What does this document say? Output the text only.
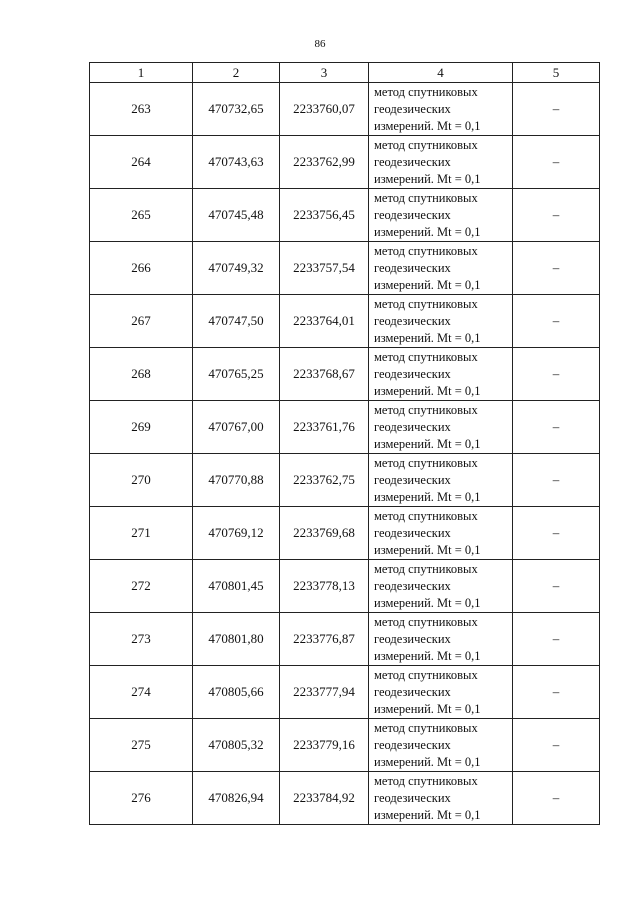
86
1	2	3	4	5
263	470732,65	2233760,07	метод спутниковых
геодезических
измерений. Mt = 0,1	–
264	470743,63	2233762,99	метод спутниковых
геодезических
измерений. Mt = 0,1	–
265	470745,48	2233756,45	метод спутниковых
геодезических
измерений. Mt = 0,1	–
266	470749,32	2233757,54	метод спутниковых
геодезических
измерений. Mt = 0,1	–
267	470747,50	2233764,01	метод спутниковых
геодезических
измерений. Mt = 0,1	–
268	470765,25	2233768,67	метод спутниковых
геодезических
измерений. Mt = 0,1	–
269	470767,00	2233761,76	метод спутниковых
геодезических
измерений. Mt = 0,1	–
270	470770,88	2233762,75	метод спутниковых
геодезических
измерений. Mt = 0,1	–
271	470769,12	2233769,68	метод спутниковых
геодезических
измерений. Mt = 0,1	–
272	470801,45	2233778,13	метод спутниковых
геодезических
измерений. Mt = 0,1	–
273	470801,80	2233776,87	метод спутниковых
геодезических
измерений. Mt = 0,1	–
274	470805,66	2233777,94	метод спутниковых
геодезических
измерений. Mt = 0,1	–
275	470805,32	2233779,16	метод спутниковых
геодезических
измерений. Mt = 0,1	–
276	470826,94	2233784,92	метод спутниковых
геодезических
измерений. Mt = 0,1	–
